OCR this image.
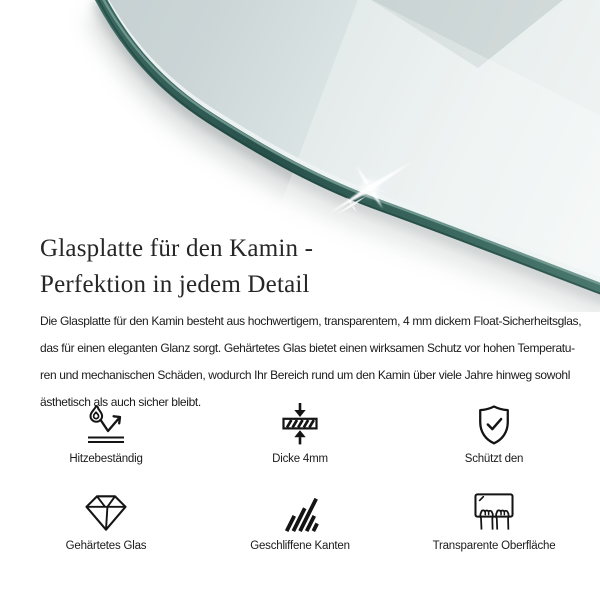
Glasplatte für den Kamin -
Perfektion in jedem Detail
Die Glasplatte für den Kamin besteht aus hochwertigem, transparentem, 4 mm dickem Float-Sicherheitsglas,
das für einen eleganten Glanz sorgt. Gehärtetes Glas bietet einen wirksamen Schutz vor hohen Temperatu-
ren und mechanischen Schäden, wodurch Ihr Bereich rund um den Kamin über viele Jahre hinweg sowohl
ästhetisch als auch sicher bleibt.
Hitzebeständig	Dicke 4mm	Schützt den
Gehärtetes Glas	Geschliffene Kanten	Transparente Oberfläche
